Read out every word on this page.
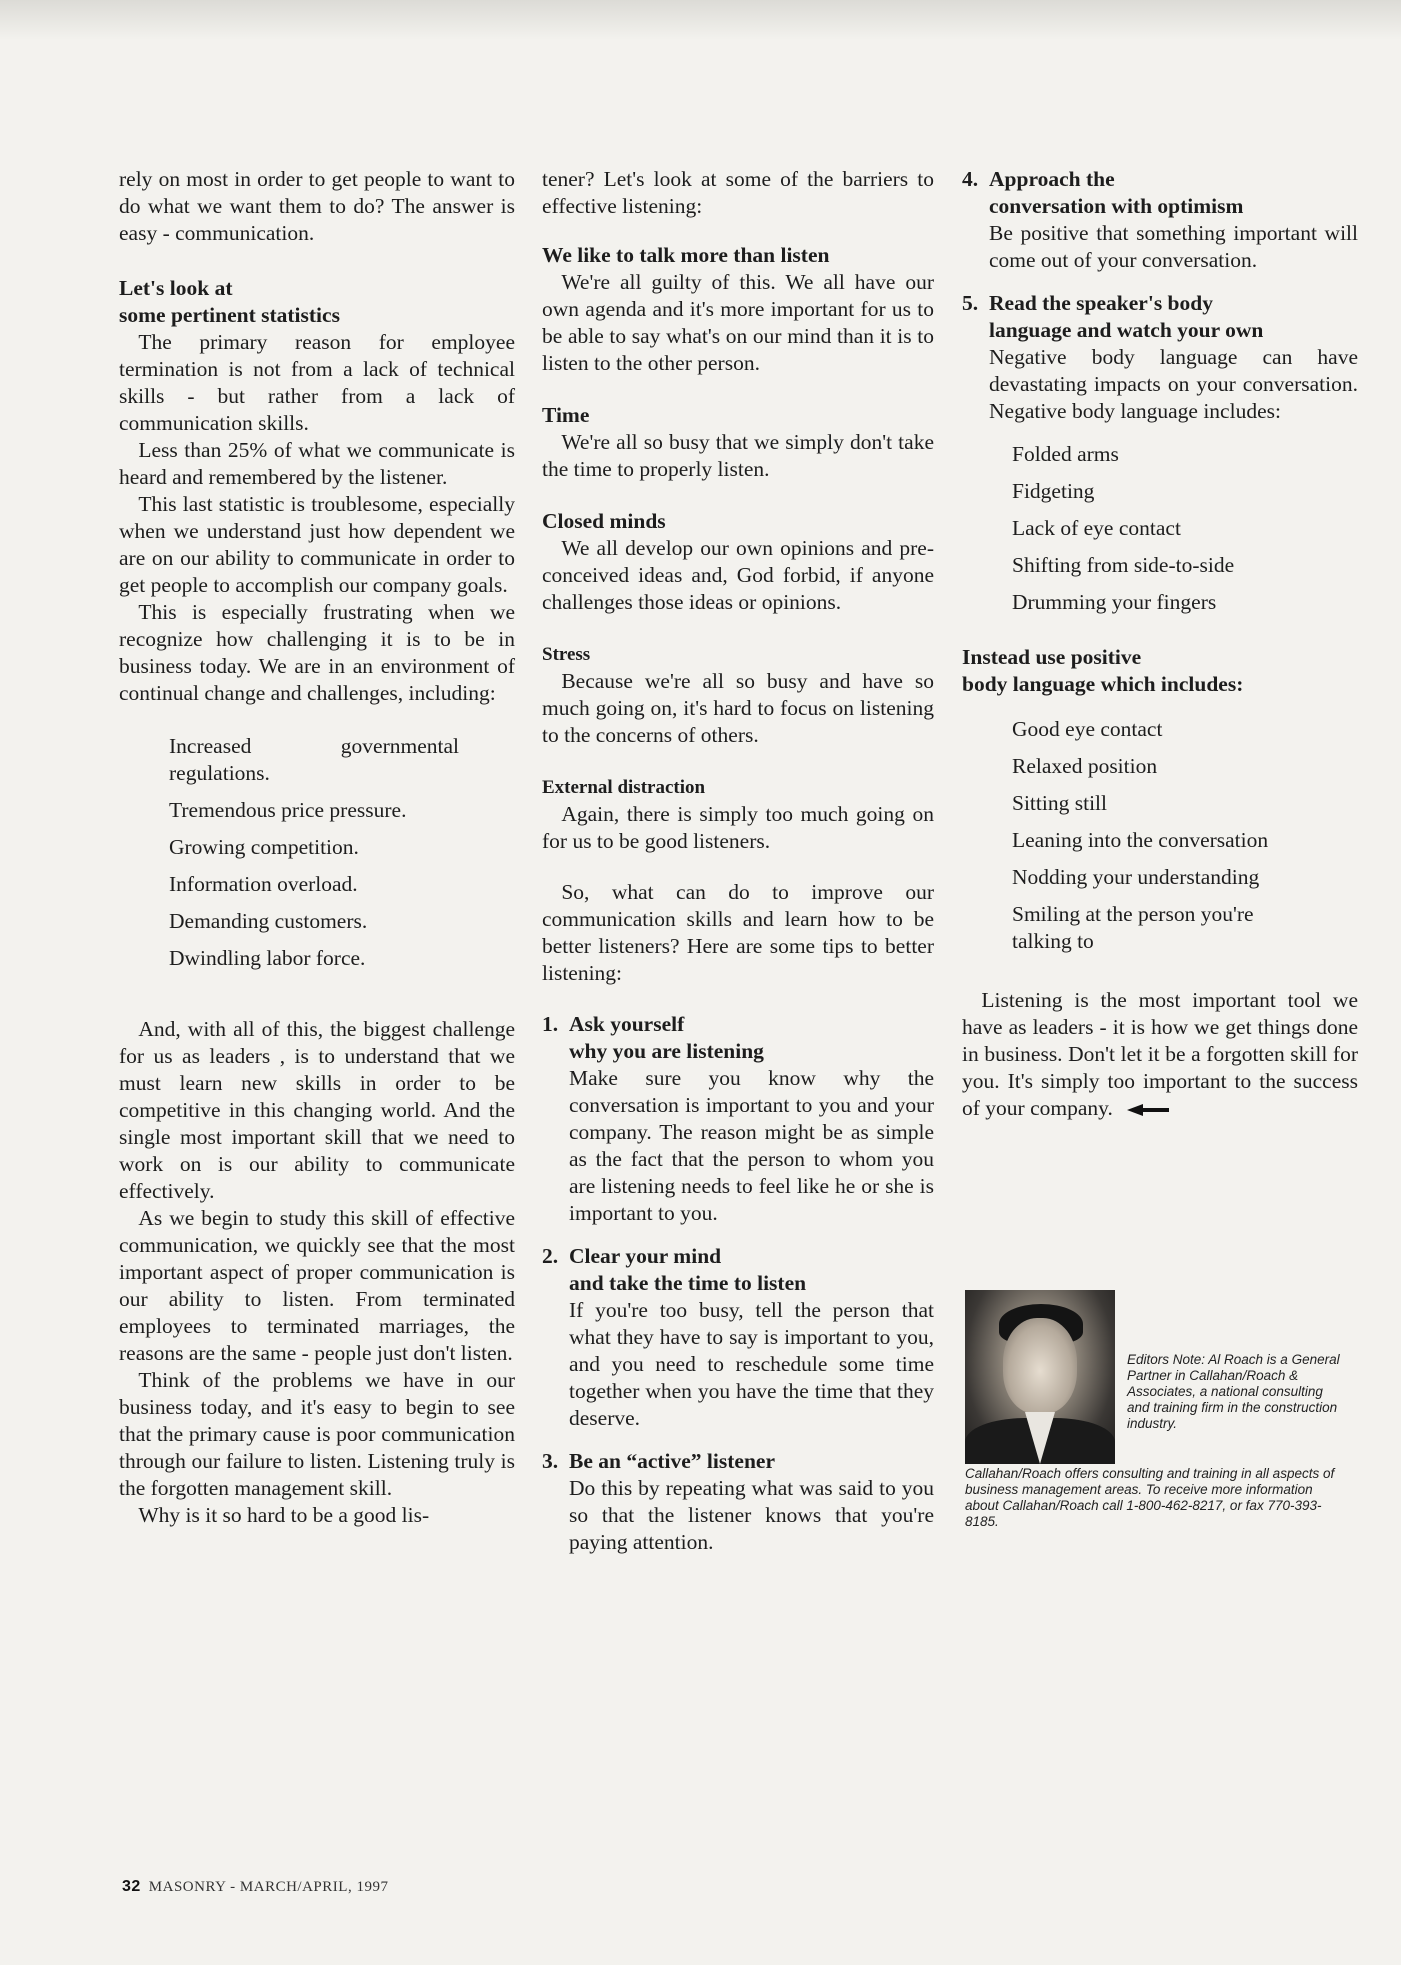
rely on most in order to get people to want to do what we want them to do? The answer is easy - communication.

Let's look at
some pertinent statistics

The primary reason for employee termination is not from a lack of technical skills - but rather from a lack of communication skills.

Less than 25% of what we communicate is heard and remembered by the listener.

This last statistic is troublesome, especially when we understand just how dependent we are on our ability to communicate in order to get people to accomplish our company goals.

This is especially frustrating when we recognize how challenging it is to be in business today. We are in an environment of continual change and challenges, including:

Increased governmental regulations.
Tremendous price pressure.
Growing competition.
Information overload.
Demanding customers.
Dwindling labor force.

And, with all of this, the biggest challenge for us as leaders , is to understand that we must learn new skills in order to be competitive in this changing world. And the single most important skill that we need to work on is our ability to communicate effectively.

As we begin to study this skill of effective communication, we quickly see that the most important aspect of proper communication is our ability to listen. From terminated employees to terminated marriages, the reasons are the same - people just don't listen.

Think of the problems we have in our business today, and it's easy to begin to see that the primary cause is poor communication through our failure to listen. Listening truly is the forgotten management skill.

Why is it so hard to be a good lis-

tener? Let's look at some of the barriers to effective listening:

We like to talk more than listen

We're all guilty of this. We all have our own agenda and it's more important for us to be able to say what's on our mind than it is to listen to the other person.

Time

We're all so busy that we simply don't take the time to properly listen.

Closed minds

We all develop our own opinions and pre-conceived ideas and, God forbid, if anyone challenges those ideas or opinions.

Stress

Because we're all so busy and have so much going on, it's hard to focus on listening to the concerns of others.

External distraction

Again, there is simply too much going on for us to be good listeners.

So, what can do to improve our communication skills and learn how to be better listeners? Here are some tips to better listening:

1. Ask yourself
why you are listening
Make sure you know why the conversation is important to you and your company. The reason might be as simple as the fact that the person to whom you are listening needs to feel like he or she is important to you.
2. Clear your mind
and take the time to listen
If you're too busy, tell the person that what they have to say is important to you, and you need to reschedule some time together when you have the time that they deserve.
3. Be an “active” listener
Do this by repeating what was said to you so that the listener knows that you're paying attention.
4. Approach the
conversation with optimism
Be positive that something important will come out of your conversation.
5. Read the speaker's body
language and watch your own
Negative body language can have devastating impacts on your conversation. Negative body language includes:
Folded arms
Fidgeting
Lack of eye contact
Shifting from side-to-side
Drumming your fingers
Instead use positive
body language which includes:
Good eye contact
Relaxed position
Sitting still
Leaning into the conversation
Nodding your understanding
Smiling at the person you're talking to

Listening is the most important tool we have as leaders - it is how we get things done in business. Don't let it be a forgotten skill for you. It's simply too important to the success of your company.

Editors Note: Al Roach is a General Partner in Callahan/Roach & Associates, a national consulting and training firm in the construction industry.
Callahan/Roach offers consulting and training in all aspects of business management areas. To receive more information about Callahan/Roach call 1-800-462-8217, or fax 770-393-8185.
32 MASONRY - MARCH/APRIL, 1997
